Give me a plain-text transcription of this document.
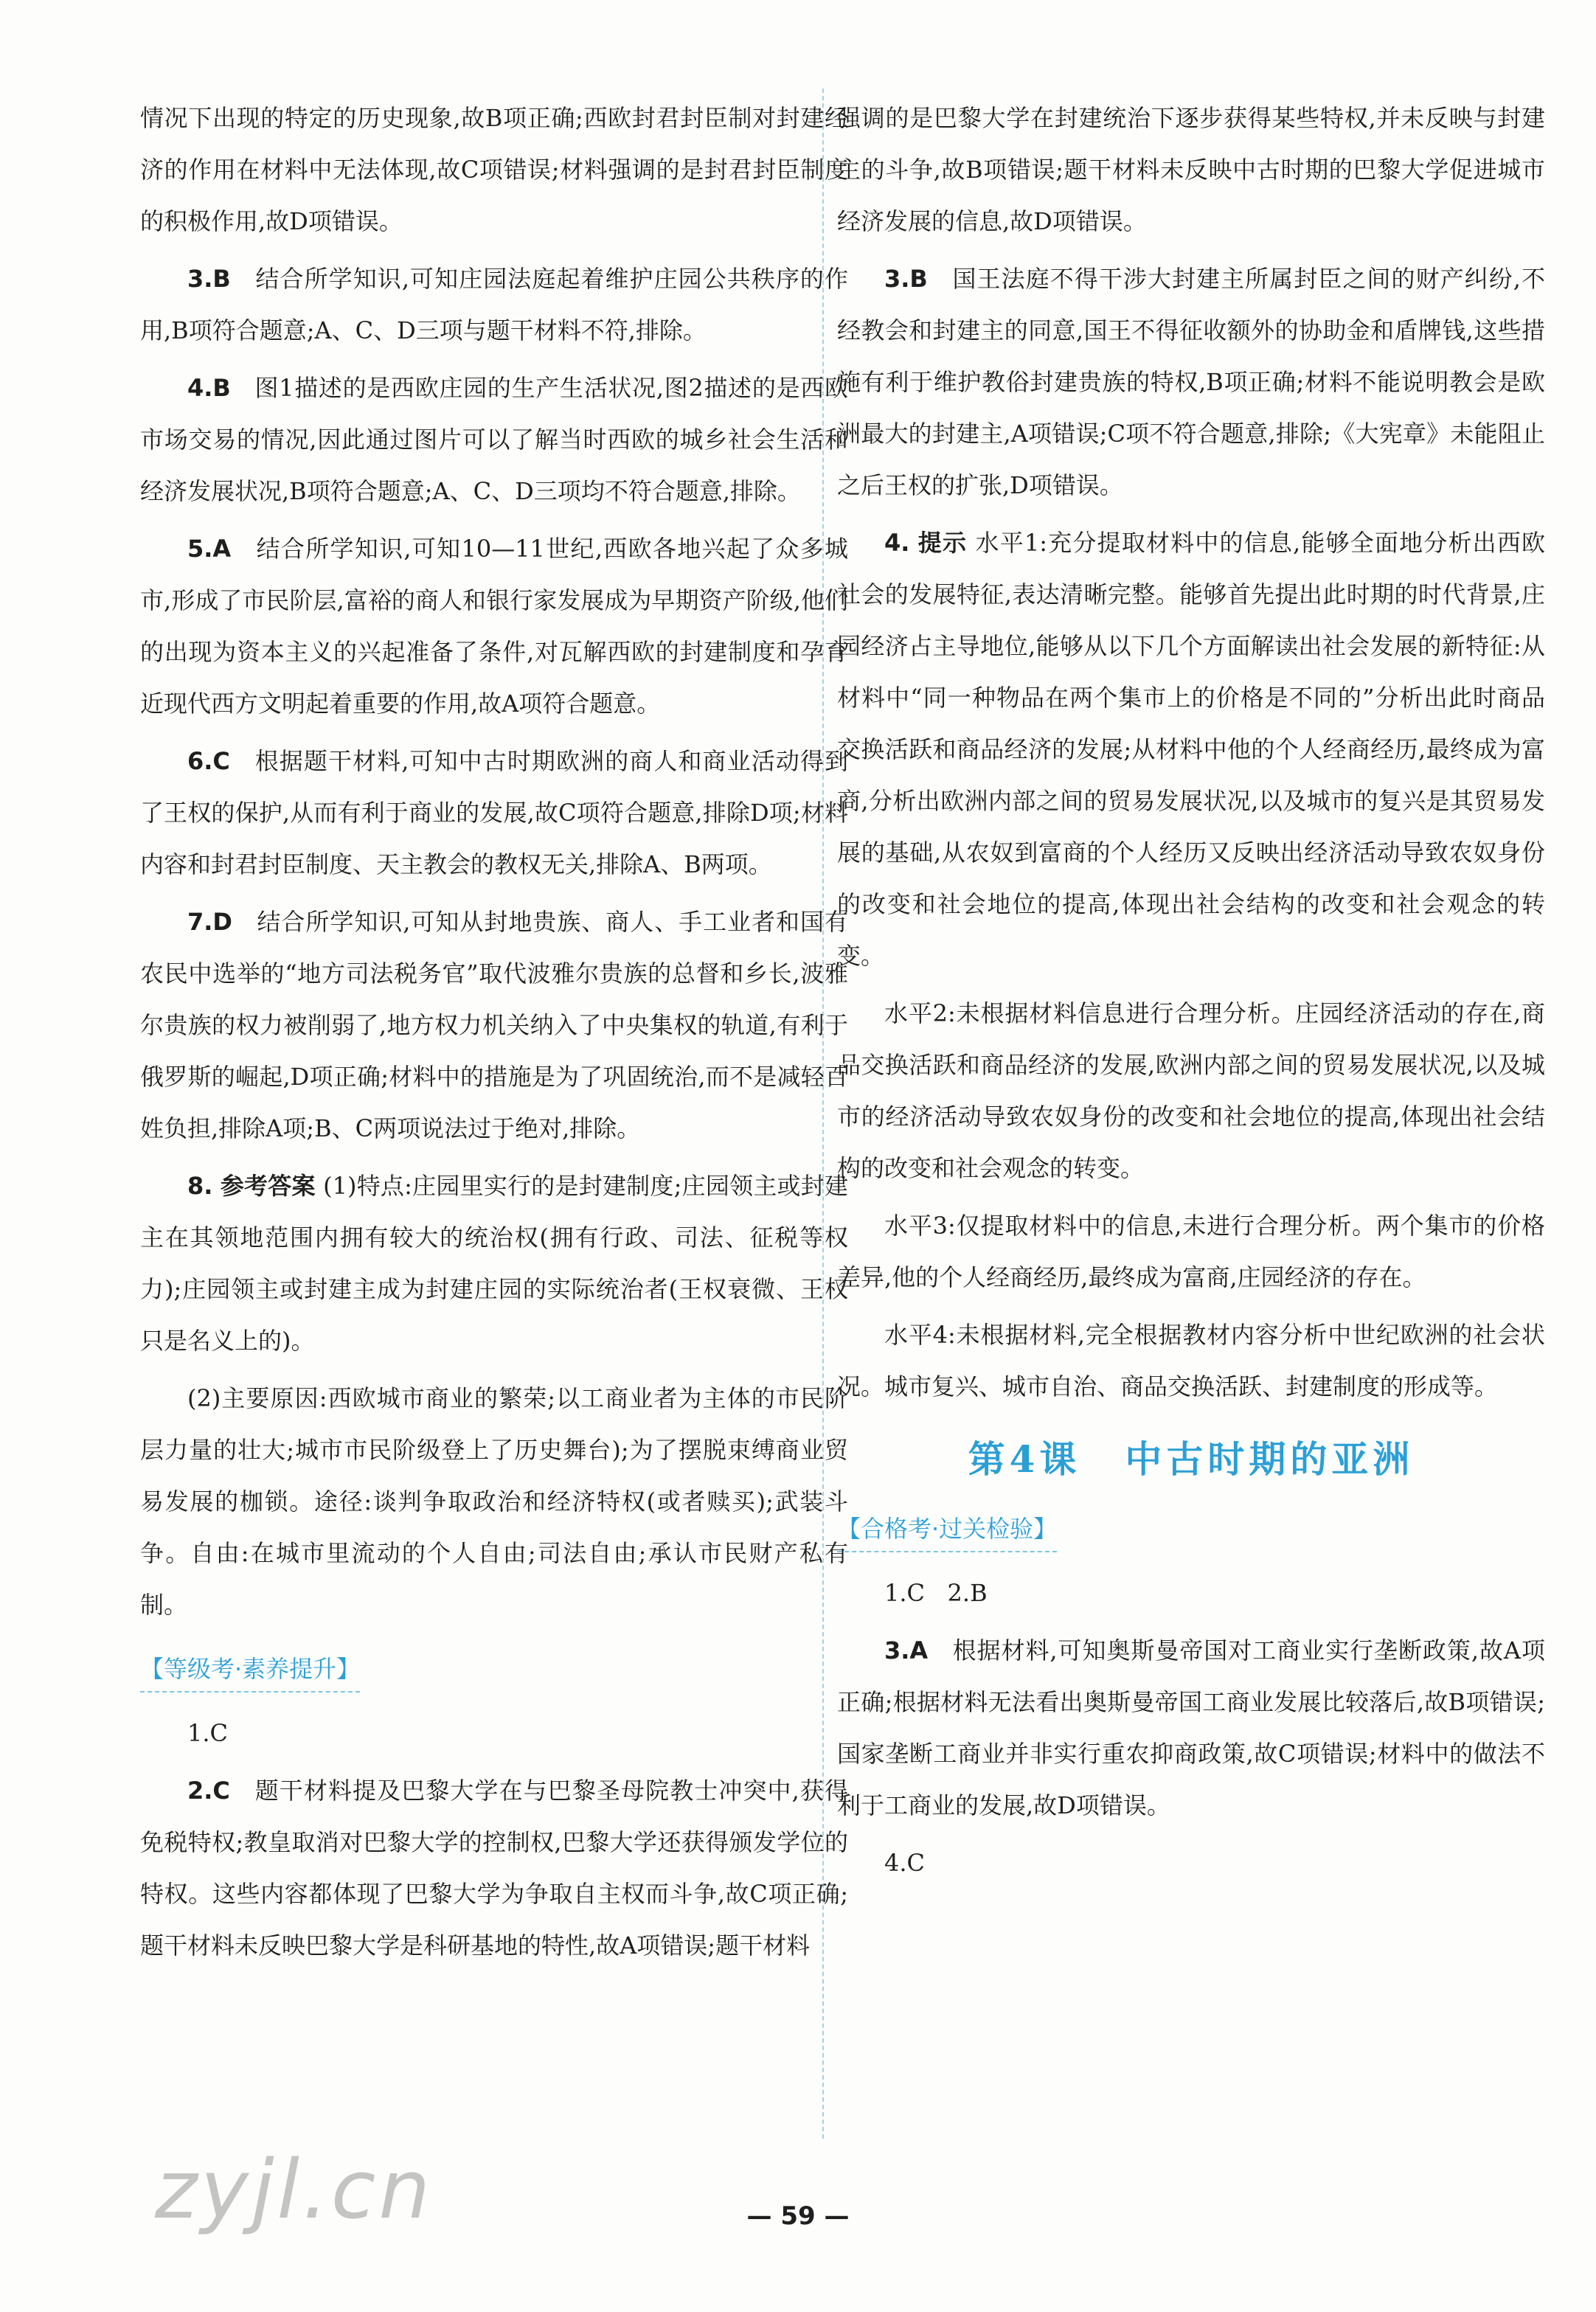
情况下出现的特定的历史现象,故B项正确;西欧封君封臣制对封建经济的作用在材料中无法体现,故C项错误;材料强调的是封君封臣制度的积极作用,故D项错误。

3.B 结合所学知识,可知庄园法庭起着维护庄园公共秩序的作用,B项符合题意;A、C、D三项与题干材料不符,排除。

4.B 图1描述的是西欧庄园的生产生活状况,图2描述的是西欧市场交易的情况,因此通过图片可以了解当时西欧的城乡社会生活和经济发展状况,B项符合题意;A、C、D三项均不符合题意,排除。

5.A 结合所学知识,可知10—11世纪,西欧各地兴起了众多城市,形成了市民阶层,富裕的商人和银行家发展成为早期资产阶级,他们的出现为资本主义的兴起准备了条件,对瓦解西欧的封建制度和孕育近现代西方文明起着重要的作用,故A项符合题意。

6.C 根据题干材料,可知中古时期欧洲的商人和商业活动得到了王权的保护,从而有利于商业的发展,故C项符合题意,排除D项;材料内容和封君封臣制度、天主教会的教权无关,排除A、B两项。

7.D 结合所学知识,可知从封地贵族、商人、手工业者和国有农民中选举的“地方司法税务官”取代波雅尔贵族的总督和乡长,波雅尔贵族的权力被削弱了,地方权力机关纳入了中央集权的轨道,有利于俄罗斯的崛起,D项正确;材料中的措施是为了巩固统治,而不是减轻百姓负担,排除A项;B、C两项说法过于绝对,排除。

8. 参考答案 (1)特点:庄园里实行的是封建制度;庄园领主或封建主在其领地范围内拥有较大的统治权(拥有行政、司法、征税等权力);庄园领主或封建主成为封建庄园的实际统治者(王权衰微、王权只是名义上的)。

(2)主要原因:西欧城市商业的繁荣;以工商业者为主体的市民阶层力量的壮大;城市市民阶级登上了历史舞台);为了摆脱束缚商业贸易发展的枷锁。途径:谈判争取政治和经济特权(或者赎买);武装斗争。自由:在城市里流动的个人自由;司法自由;承认市民财产私有制。

【等级考·素养提升】

1.C

2.C 题干材料提及巴黎大学在与巴黎圣母院教士冲突中,获得免税特权;教皇取消对巴黎大学的控制权,巴黎大学还获得颁发学位的特权。这些内容都体现了巴黎大学为争取自主权而斗争,故C项正确;题干材料未反映巴黎大学是科研基地的特性,故A项错误;题干材料

强调的是巴黎大学在封建统治下逐步获得某些特权,并未反映与封建主的斗争,故B项错误;题干材料未反映中古时期的巴黎大学促进城市经济发展的信息,故D项错误。

3.B 国王法庭不得干涉大封建主所属封臣之间的财产纠纷,不经教会和封建主的同意,国王不得征收额外的协助金和盾牌钱,这些措施有利于维护教俗封建贵族的特权,B项正确;材料不能说明教会是欧洲最大的封建主,A项错误;C项不符合题意,排除;《大宪章》未能阻止之后王权的扩张,D项错误。

4. 提示 水平1:充分提取材料中的信息,能够全面地分析出西欧社会的发展特征,表达清晰完整。能够首先提出此时期的时代背景,庄园经济占主导地位,能够从以下几个方面解读出社会发展的新特征:从材料中“同一种物品在两个集市上的价格是不同的”分析出此时商品交换活跃和商品经济的发展;从材料中他的个人经商经历,最终成为富商,分析出欧洲内部之间的贸易发展状况,以及城市的复兴是其贸易发展的基础,从农奴到富商的个人经历又反映出经济活动导致农奴身份的改变和社会地位的提高,体现出社会结构的改变和社会观念的转变。

水平2:未根据材料信息进行合理分析。庄园经济活动的存在,商品交换活跃和商品经济的发展,欧洲内部之间的贸易发展状况,以及城市的经济活动导致农奴身份的改变和社会地位的提高,体现出社会结构的改变和社会观念的转变。

水平3:仅提取材料中的信息,未进行合理分析。两个集市的价格差异,他的个人经商经历,最终成为富商,庄园经济的存在。

水平4:未根据材料,完全根据教材内容分析中世纪欧洲的社会状况。城市复兴、城市自治、商品交换活跃、封建制度的形成等。

第4课 中古时期的亚洲
【合格考·过关检验】

1.C   2.B

3.A 根据材料,可知奥斯曼帝国对工商业实行垄断政策,故A项正确;根据材料无法看出奥斯曼帝国工商业发展比较落后,故B项错误;国家垄断工商业并非实行重农抑商政策,故C项错误;材料中的做法不利于工商业的发展,故D项错误。

4.C

zyjl.cn	— 59 —
